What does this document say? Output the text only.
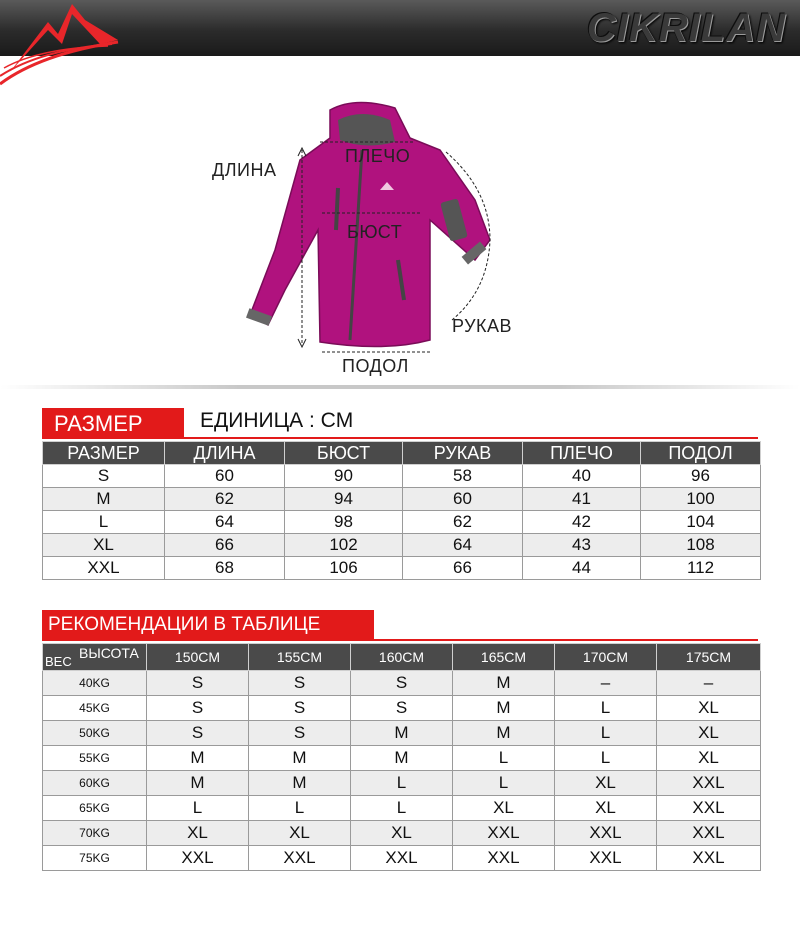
CIKRILAN
ДЛИНА
ПЛЕЧО
БЮСТ
РУКАВ
ПОДОЛ
РАЗМЕР	ЕДИНИЦА : CM
РАЗМЕР	ДЛИНА	БЮСТ	РУКАВ	ПЛЕЧО	ПОДОЛ
S	60	90	58	40	96
M	62	94	60	41	100
L	64	98	62	42	104
XL	66	102	64	43	108
XXL	68	106	66	44	112
РЕКОМЕНДАЦИИ В ТАБЛИЦЕ
ВЫСОТА
ВЕС	150CM	155CM	160CM	165CM	170CM	175CM
40KG	S	S	S	M	–	–
45KG	S	S	S	M	L	XL
50KG	S	S	M	M	L	XL
55KG	M	M	M	L	L	XL
60KG	M	M	L	L	XL	XXL
65KG	L	L	L	XL	XL	XXL
70KG	XL	XL	XL	XXL	XXL	XXL
75KG	XXL	XXL	XXL	XXL	XXL	XXL
